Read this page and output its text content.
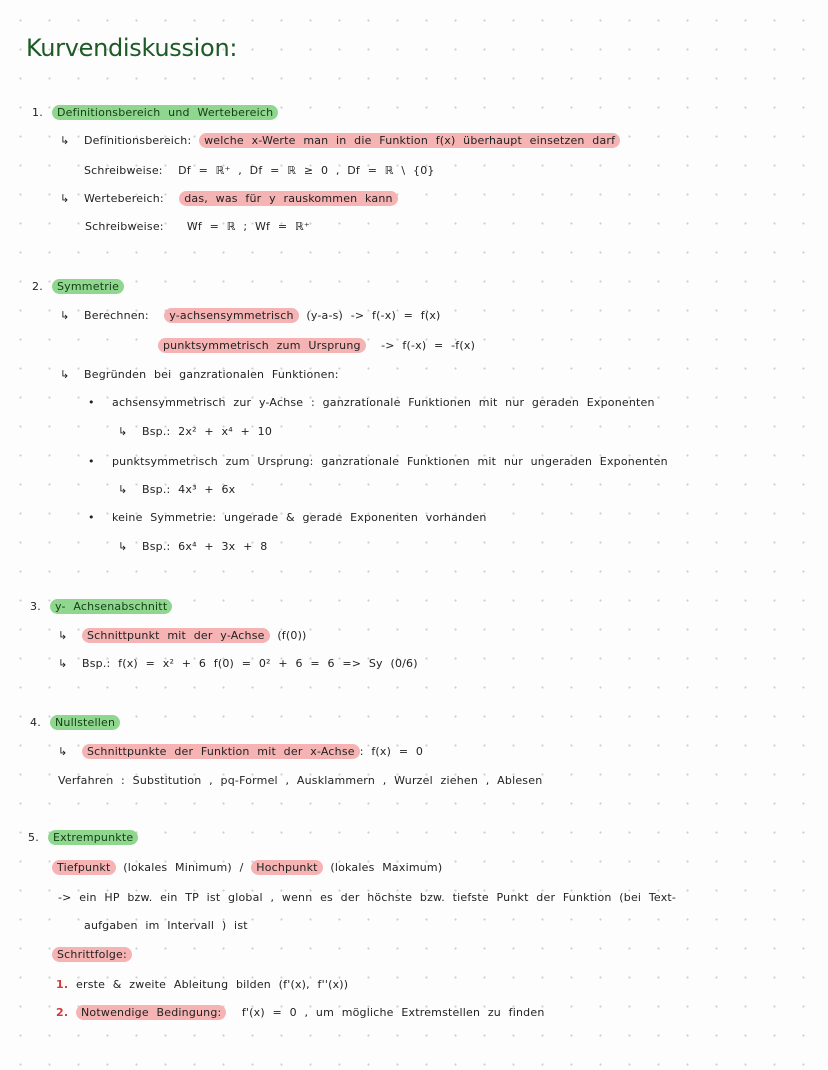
Kurvendiskussion:
1. Definitionsbereich und Wertebereich
↳ Definitionsbereich: welche x-Werte man in die Funktion f(x) überhaupt einsetzen darf
Schreibweise: Df = ℝ⁺ , Df = ℝ ≥ 0 , Df = ℝ \ {0}
↳ Wertebereich: das, was für y rauskommen kann
Schreibweise: Wf = ℝ ; Wf = ℝ⁺
2. Symmetrie
↳ Berechnen: y-achsensymmetrisch (y-a-s) -> f(-x) = f(x)
punktsymmetrisch zum Ursprung -> f(-x) = -f(x)
↳ Begründen bei ganzrationalen Funktionen:
• achsensymmetrisch zur y-Achse : ganzrationale Funktionen mit nur geraden Exponenten
↳ Bsp.: 2x² + x⁴ + 10
• punktsymmetrisch zum Ursprung: ganzrationale Funktionen mit nur ungeraden Exponenten
↳ Bsp.: 4x³ + 6x
• keine Symmetrie: ungerade & gerade Exponenten vorhanden
↳ Bsp.: 6x⁴ + 3x + 8
3. y- Achsenabschnitt
↳ Schnittpunkt mit der y-Achse (f(0))
↳ Bsp.: f(x) = x² + 6 f(0) = 0² + 6 = 6 => Sy (0/6)
4. Nullstellen
↳ Schnittpunkte der Funktion mit der x-Achse : f(x) = 0
Verfahren : Substitution , pq-Formel , Ausklammern , Wurzel ziehen , Ablesen
5. Extrempunkte
Tiefpunkt (lokales Minimum) / Hochpunkt (lokales Maximum)
-> ein HP bzw. ein TP ist global , wenn es der höchste bzw. tiefste Punkt der Funktion (bei Text-
aufgaben im Intervall ) ist
Schrittfolge:
1. erste & zweite Ableitung bilden (f'(x), f''(x))
2. Notwendige Bedingung: f'(x) = 0 , um mögliche Extremstellen zu finden
